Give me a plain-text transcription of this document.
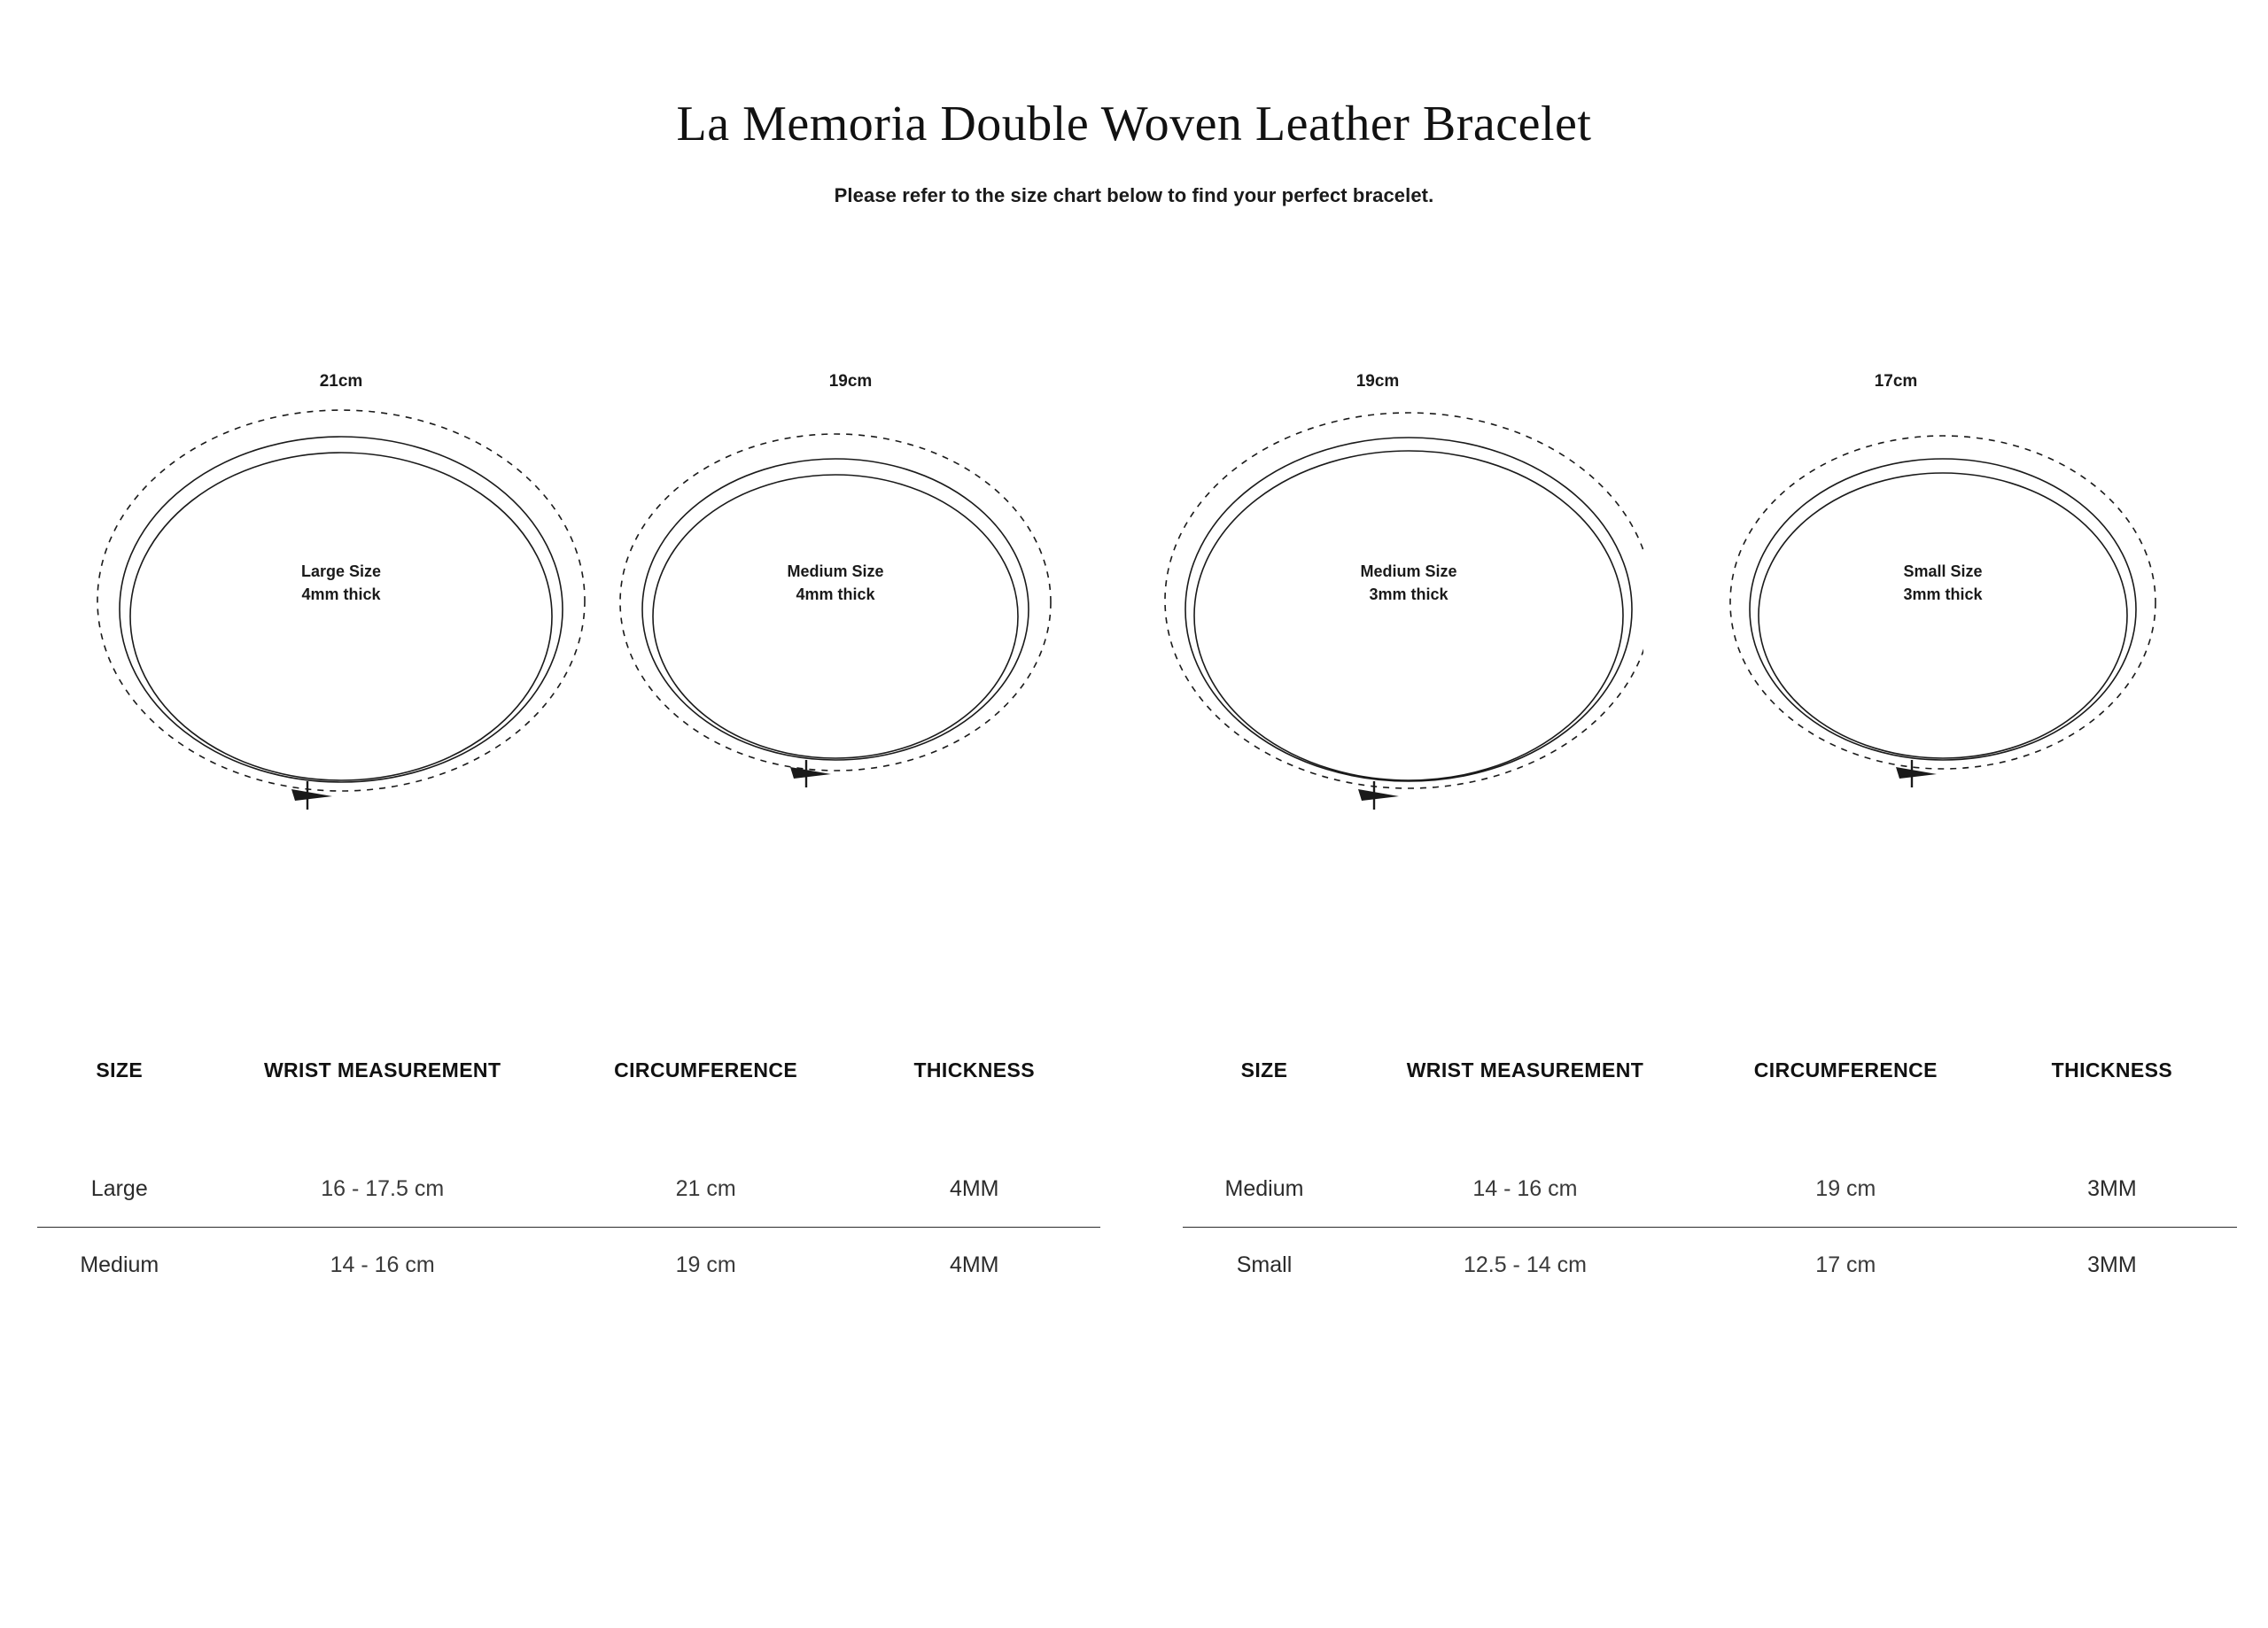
La Memoria Double Woven Leather Bracelet

Please refer to the size chart below to find your perfect bracelet.

21cm
Large Size
4mm thick
19cm
Medium Size
4mm thick
19cm
Medium Size
3mm thick
17cm
Small Size
3mm thick
SIZE	WRIST MEASUREMENT	CIRCUMFERENCE	THICKNESS
Large	16 - 17.5 cm	21 cm	4MM
Medium	14 - 16 cm	19 cm	4MM
SIZE	WRIST MEASUREMENT	CIRCUMFERENCE	THICKNESS
Medium	14 - 16 cm	19 cm	3MM
Small	12.5 - 14 cm	17 cm	3MM
